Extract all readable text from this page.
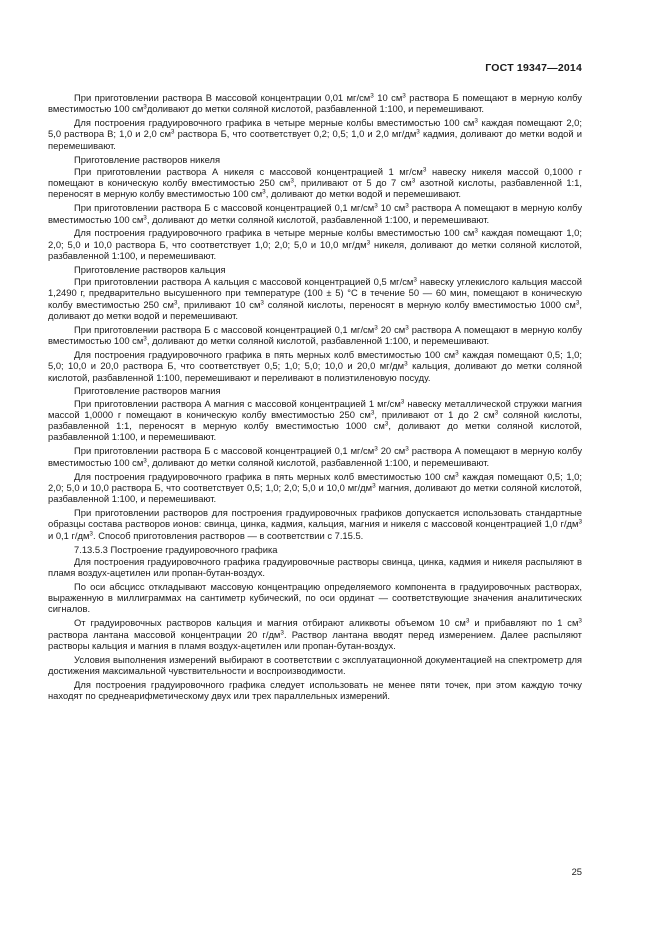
ГОСТ 19347—2014

При приготовлении раствора В массовой концентрации 0,01 $мг/см^3$ 10 $см^3$ раствора Б помещают в мерную колбу вместимостью 100 $см^3доливают$ до метки соляной кислотой, разбавленной 1:100, и перемешивают.

Для построения градуировочного графика в четыре мерные колбы вместимостью 100 $см^3$ каждая помещают 2,0; 5,0 раствора В; 1,0 и 2,0 $см^3$ раствора Б, что соответствует 0,2; 0,5; 1,0 и 2,0 $мг/дм^3$ кадмия, доливают до метки водой и перемешивают.

Приготовление растворов никеля

При приготовлении раствора А никеля с массовой концентрацией 1 $мг/см^3$ навеску никеля массой 0,1000 г помещают в коническую колбу вместимостью 250 $см^3$, приливают от 5 до 7 $см^3$ азотной кислоты, разбавленной 1:1, переносят в мерную колбу вместимостью 100 $см^3$, доливают до метки водой и перемешивают.

При приготовлении раствора Б с массовой концентрацией 0,1 $мг/см^3$ 10 $см^3$ раствора А помещают в мерную колбу вместимостью 100 $см^3$, доливают до метки соляной кислотой, разбавленной 1:100, и перемешивают.

Для построения градуировочного графика в четыре мерные колбы вместимостью 100 $см^3$ каждая помещают 1,0; 2,0; 5,0 и 10,0 раствора Б, что соответствует 1,0; 2,0; 5,0 и 10,0 $мг/дм^3$ никеля, доливают до метки соляной кислотой, разбавленной 1:100, и перемешивают.

Приготовление растворов кальция

При приготовлении раствора А кальция с массовой концентрацией 0,5 $мг/см^3$ навеску углекислого кальция массой 1,2490 г, предварительно высушенного при температуре (100 ± 5) °С в течение 50 — 60 мин, помещают в коническую колбу вместимостью 250 $см^3$, приливают 10 $см^3$ соляной кислоты, переносят в мерную колбу вместимостью 1000 $см^3$, доливают до метки водой и перемешивают.

При приготовлении раствора Б с массовой концентрацией 0,1 $мг/см^3$ 20 $см^3$ раствора А помещают в мерную колбу вместимостью 100 $см^3$, доливают до метки соляной кислотой, разбавленной 1:100, и перемешивают.

Для построения градуировочного графика в пять мерных колб вместимостью 100 $см^3$ каждая помещают 0,5; 1,0; 5,0; 10,0 и 20,0 раствора Б, что соответствует 0,5; 1,0; 5,0; 10,0 и 20,0 $мг/дм^3$ кальция, доливают до метки соляной кислотой, разбавленной 1:100, перемешивают и переливают в полиэтиленовую посуду.

Приготовление растворов магния

При приготовлении раствора А магния с массовой концентрацией 1 $мг/см^3$ навеску металлической стружки магния массой 1,0000 г помещают в коническую колбу вместимостью 250 $см^3$, приливают от 1 до 2 $см^3$ соляной кислоты, разбавленной 1:1, переносят в мерную колбу вместимостью 1000 $см^3$, доливают до метки соляной кислотой, разбавленной 1:100, и перемешивают.

При приготовлении раствора Б с массовой концентрацией 0,1 $мг/см^3$ 20 $см^3$ раствора А помещают в мерную колбу вместимостью 100 $см^3$, доливают до метки соляной кислотой, разбавленной 1:100, и перемешивают.

Для построения градуировочного графика в пять мерных колб вместимостью 100 $см^3$ каждая помещают 0,5; 1,0; 2,0; 5,0 и 10,0 раствора Б, что соответствует 0,5; 1,0; 2,0; 5,0 и 10,0 $мг/дм^3$ магния, доливают до метки соляной кислотой, разбавленной 1:100, и перемешивают.

При приготовлении растворов для построения градуировочных графиков допускается использовать стандартные образцы состава растворов ионов: свинца, цинка, кадмия, кальция, магния и никеля с массовой концентрацией 1,0 $г/дм^3$ и 0,1 $г/дм^3$. Способ приготовления растворов — в соответствии с 7.15.5.

7.13.5.3 Построение градуировочного графика

Для построения градуировочного графика градуировочные растворы свинца, цинка, кадмия и никеля распыляют в пламя воздух-ацетилен или пропан-бутан-воздух.

По оси абсцисс откладывают массовую концентрацию определяемого компонента в градуировочных растворах, выраженную в миллиграммах на сантиметр кубический, по оси ординат — соответствующие значения аналитических сигналов.

От градуировочных растворов кальция и магния отбирают аликвоты объемом 10 $см^3$ и прибавляют по 1 $см^3$ раствора лантана массовой концентрации 20 $г/дм^3$. Раствор лантана вводят перед измерением. Далее распыляют растворы кальция и магния в пламя воздух-ацетилен или пропан-бутан-воздух.

Условия выполнения измерений выбирают в соответствии с эксплуатационной документацией на спектрометр для достижения максимальной чувствительности и воспроизводимости.

Для построения градуировочного графика следует использовать не менее пяти точек, при этом каждую точку находят по среднеарифметическому двух или трех параллельных измерений.

25
